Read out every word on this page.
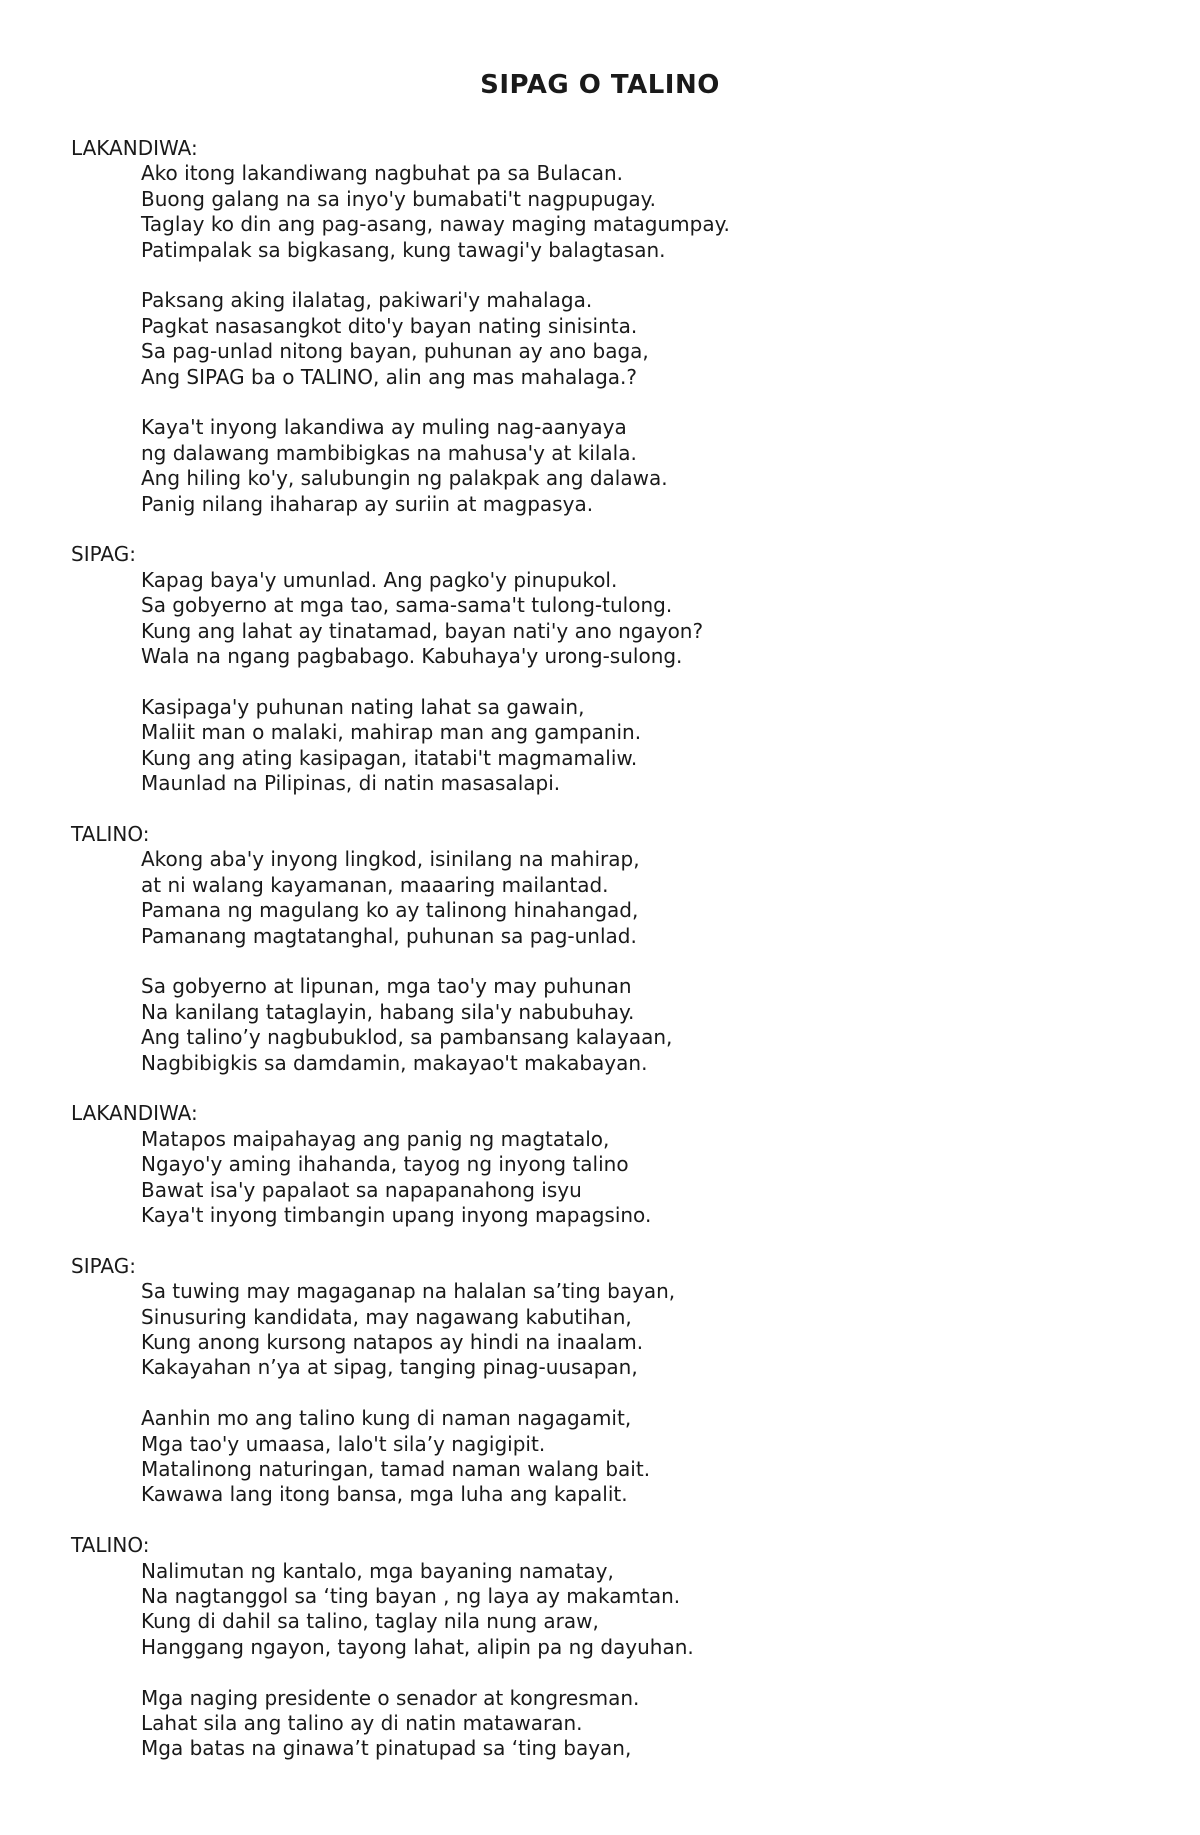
SIPAG O TALINO
LAKANDIWA:
Ako itong lakandiwang nagbuhat pa sa Bulacan.
Buong galang na sa inyo'y bumabati't nagpupugay.
Taglay ko din ang pag-asang, naway maging matagumpay.
Patimpalak sa bigkasang, kung tawagi'y balagtasan.
Paksang aking ilalatag, pakiwari'y mahalaga.
Pagkat nasasangkot dito'y bayan nating sinisinta.
Sa pag-unlad nitong bayan, puhunan ay ano baga,
Ang SIPAG ba o TALINO, alin ang mas mahalaga.?
Kaya't inyong lakandiwa ay muling nag-aanyaya
ng dalawang mambibigkas na mahusa'y at kilala.
Ang hiling ko'y, salubungin ng palakpak ang dalawa.
Panig nilang ihaharap ay suriin at magpasya.
SIPAG:
Kapag baya'y umunlad. Ang pagko'y pinupukol.
Sa gobyerno at mga tao, sama-sama't tulong-tulong.
Kung ang lahat ay tinatamad, bayan nati'y ano ngayon?
Wala na ngang pagbabago. Kabuhaya'y urong-sulong.
Kasipaga'y puhunan nating lahat sa gawain,
Maliit man o malaki, mahirap man ang gampanin.
Kung ang ating kasipagan, itatabi't magmamaliw.
Maunlad na Pilipinas, di natin masasalapi.
TALINO:
Akong aba'y inyong lingkod, isinilang na mahirap,
at ni walang kayamanan, maaaring mailantad.
Pamana ng magulang ko ay talinong hinahangad,
Pamanang magtatanghal, puhunan sa pag-unlad.
Sa gobyerno at lipunan, mga tao'y may puhunan
Na kanilang tataglayin, habang sila'y nabubuhay.
Ang talino’y nagbubuklod, sa pambansang kalayaan,
Nagbibigkis sa damdamin, makayao't makabayan.
LAKANDIWA:
Matapos maipahayag ang panig ng magtatalo,
Ngayo'y aming ihahanda, tayog ng inyong talino
Bawat isa'y papalaot sa napapanahong isyu
Kaya't inyong timbangin upang inyong mapagsino.
SIPAG:
Sa tuwing may magaganap na halalan sa’ting bayan,
Sinusuring kandidata, may nagawang kabutihan,
Kung anong kursong natapos ay hindi na inaalam.
Kakayahan n’ya at sipag, tanging pinag-uusapan,
Aanhin mo ang talino kung di naman nagagamit,
Mga tao'y umaasa, lalo't sila’y nagigipit.
Matalinong naturingan, tamad naman walang bait.
Kawawa lang itong bansa, mga luha ang kapalit.
TALINO:
Nalimutan ng kantalo, mga bayaning namatay,
Na nagtanggol sa ‘ting bayan , ng laya ay makamtan.
Kung di dahil sa talino, taglay nila nung araw,
Hanggang ngayon, tayong lahat, alipin pa ng dayuhan.
Mga naging presidente o senador at kongresman.
Lahat sila ang talino ay di natin matawaran.
Mga batas na ginawa’t pinatupad sa ‘ting bayan,
